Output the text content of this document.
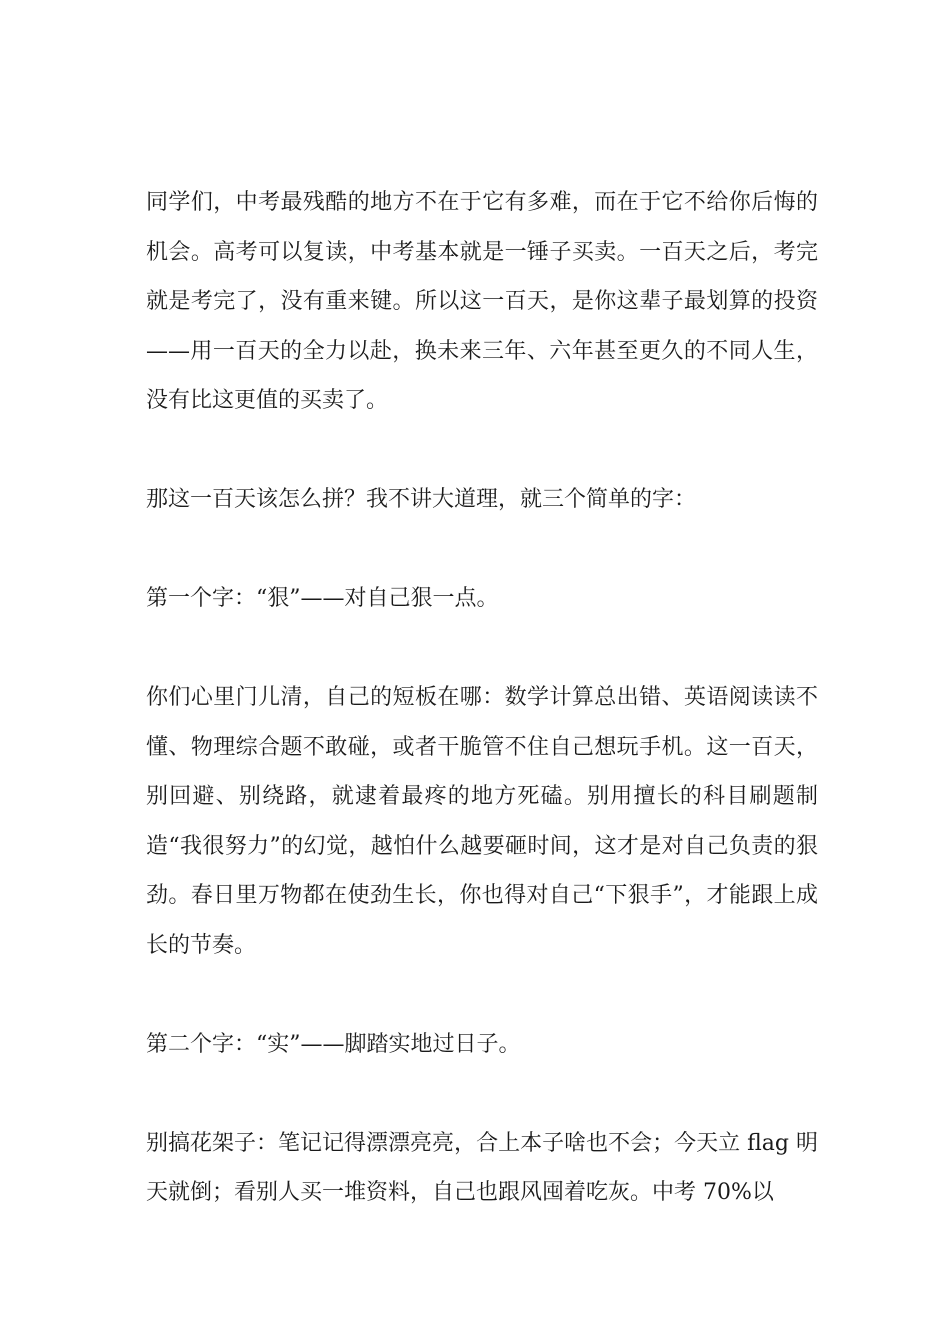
同学们，中考最残酷的地方不在于它有多难，而在于它不给你后悔的机会。高考可以复读，中考基本就是一锤子买卖。一百天之后，考完就是考完了，没有重来键。所以这一百天，是你这辈子最划算的投资——用一百天的全力以赴，换未来三年、六年甚至更久的不同人生，没有比这更值的买卖了。

那这一百天该怎么拼？我不讲大道理，就三个简单的字：

第一个字：“狠”——对自己狠一点。

你们心里门儿清，自己的短板在哪：数学计算总出错、英语阅读读不懂、物理综合题不敢碰，或者干脆管不住自己想玩手机。这一百天，别回避、别绕路，就逮着最疼的地方死磕。别用擅长的科目刷题制造“我很努力”的幻觉，越怕什么越要砸时间，这才是对自己负责的狠劲。春日里万物都在使劲生长，你也得对自己“下狠手”，才能跟上成长的节奏。

第二个字：“实”——脚踏实地过日子。

别搞花架子：笔记记得漂漂亮亮，合上本子啥也不会；今天立 flag 明天就倒；看别人买一堆资料，自己也跟风囤着吃灰。中考 70%以
